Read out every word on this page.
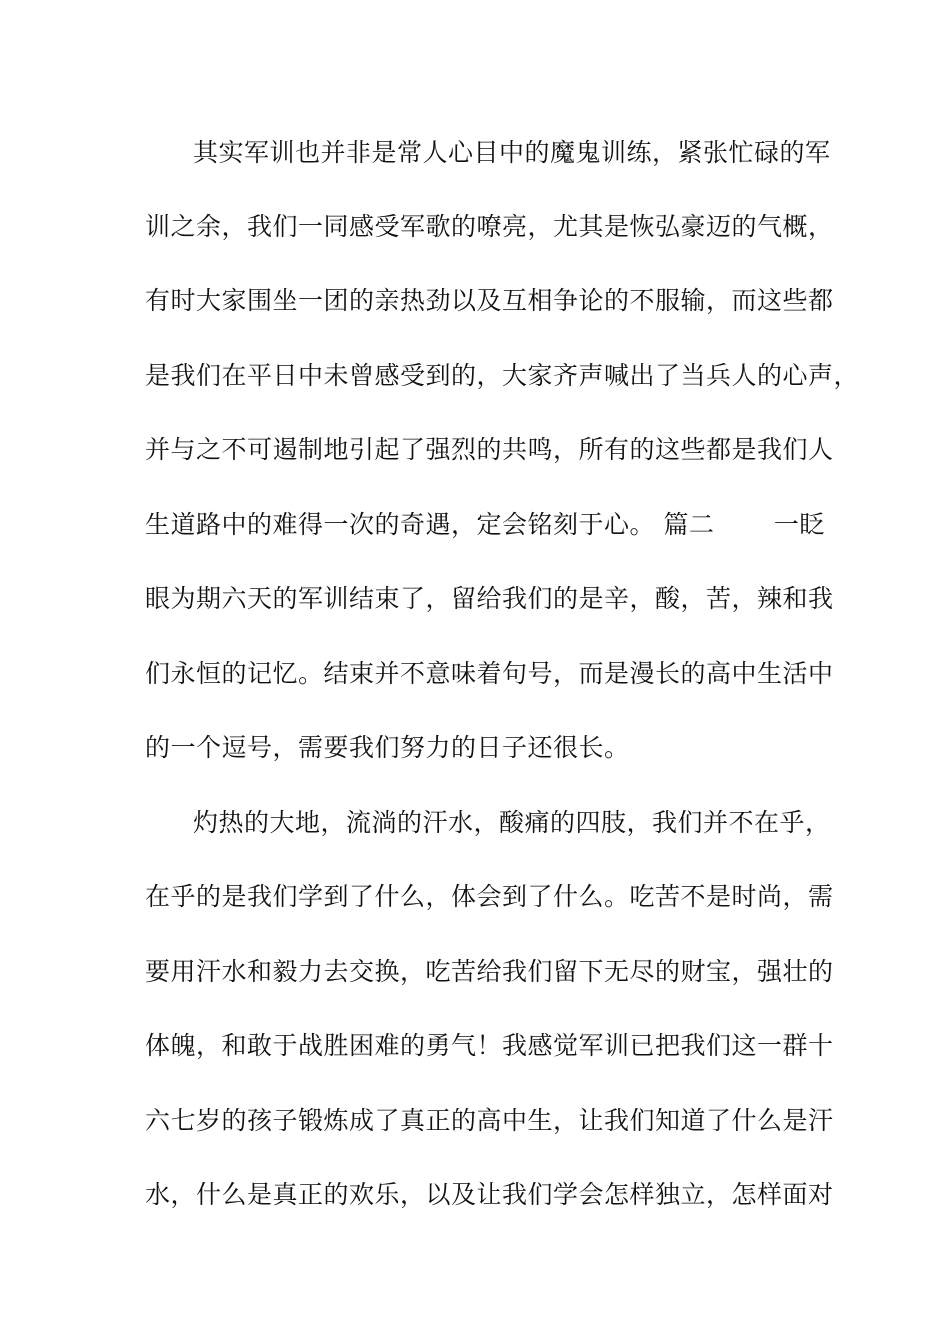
其实军训也并非是常人心目中的魔鬼训练，紧张忙碌的军
训之余，我们一同感受军歌的嘹亮，尤其是恢弘豪迈的气概，
有时大家围坐一团的亲热劲以及互相争论的不服输，而这些都
是我们在平日中未曾感受到的，大家齐声喊出了当兵人的心声，
并与之不可遏制地引起了强烈的共鸣，所有的这些都是我们人
生道路中的难得一次的奇遇，定会铭刻于心。 篇二 　　一眨
眼为期六天的军训结束了，留给我们的是辛，酸，苦，辣和我
们永恒的记忆。结束并不意味着句号，而是漫长的高中生活中
的一个逗号，需要我们努力的日子还很长。
灼热的大地，流淌的汗水，酸痛的四肢，我们并不在乎，
在乎的是我们学到了什么，体会到了什么。吃苦不是时尚，需
要用汗水和毅力去交换，吃苦给我们留下无尽的财宝，强壮的
体魄，和敢于战胜困难的勇气！我感觉军训已把我们这一群十
六七岁的孩子锻炼成了真正的高中生，让我们知道了什么是汗
水，什么是真正的欢乐，以及让我们学会怎样独立，怎样面对
